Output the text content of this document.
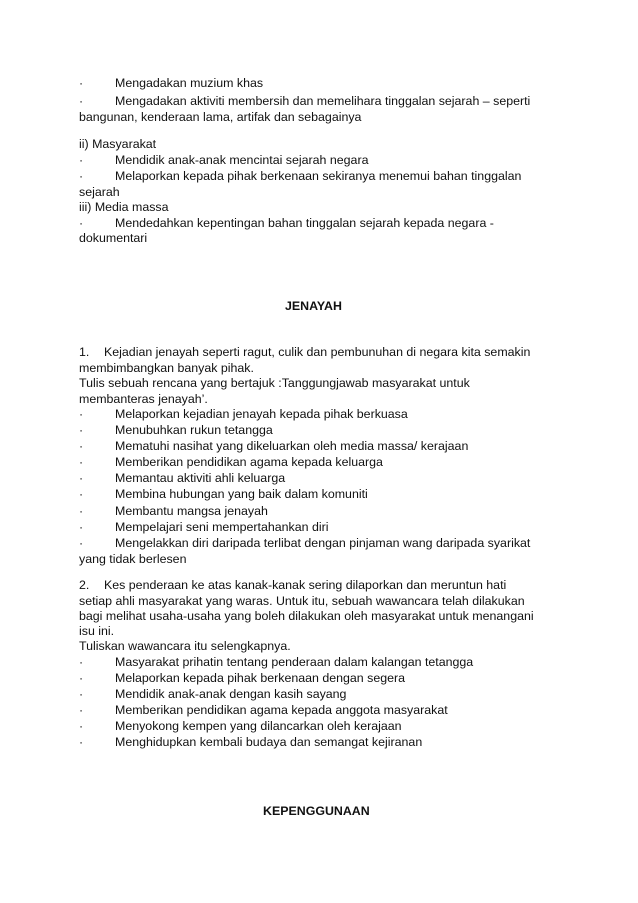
·	Mengadakan muzium khas
·	Mengadakan aktiviti membersih dan memelihara tinggalan sejarah – seperti
bangunan, kenderaan lama, artifak dan sebagainya
ii) Masyarakat
·	Mendidik anak-anak mencintai sejarah negara
·	Melaporkan kepada pihak berkenaan sekiranya menemui bahan tinggalan
sejarah
iii) Media massa
·	Mendedahkan kepentingan bahan tinggalan sejarah kepada negara -
dokumentari
JENAYAH
1. Kejadian jenayah seperti ragut, culik dan pembunuhan di negara kita semakin
membimbangkan banyak pihak.
Tulis sebuah rencana yang bertajuk :Tanggungjawab masyarakat untuk
membanteras jenayah’.
·	Melaporkan kejadian jenayah kepada pihak berkuasa
·	Menubuhkan rukun tetangga
·	Mematuhi nasihat yang dikeluarkan oleh media massa/ kerajaan
·	Memberikan pendidikan agama kepada keluarga
·	Memantau aktiviti ahli keluarga
·	Membina hubungan yang baik dalam komuniti
·	Membantu mangsa jenayah
·	Mempelajari seni mempertahankan diri
·	Mengelakkan diri daripada terlibat dengan pinjaman wang daripada syarikat
yang tidak berlesen
2. Kes penderaan ke atas kanak-kanak sering dilaporkan dan meruntun hati
setiap ahli masyarakat yang waras. Untuk itu, sebuah wawancara telah dilakukan
bagi melihat usaha-usaha yang boleh dilakukan oleh masyarakat untuk menangani
isu ini.
Tuliskan wawancara itu selengkapnya.
·	Masyarakat prihatin tentang penderaan dalam kalangan tetangga
·	Melaporkan kepada pihak berkenaan dengan segera
·	Mendidik anak-anak dengan kasih sayang
·	Memberikan pendidikan agama kepada anggota masyarakat
·	Menyokong kempen yang dilancarkan oleh kerajaan
·	Menghidupkan kembali budaya dan semangat kejiranan
KEPENGGUNAAN
